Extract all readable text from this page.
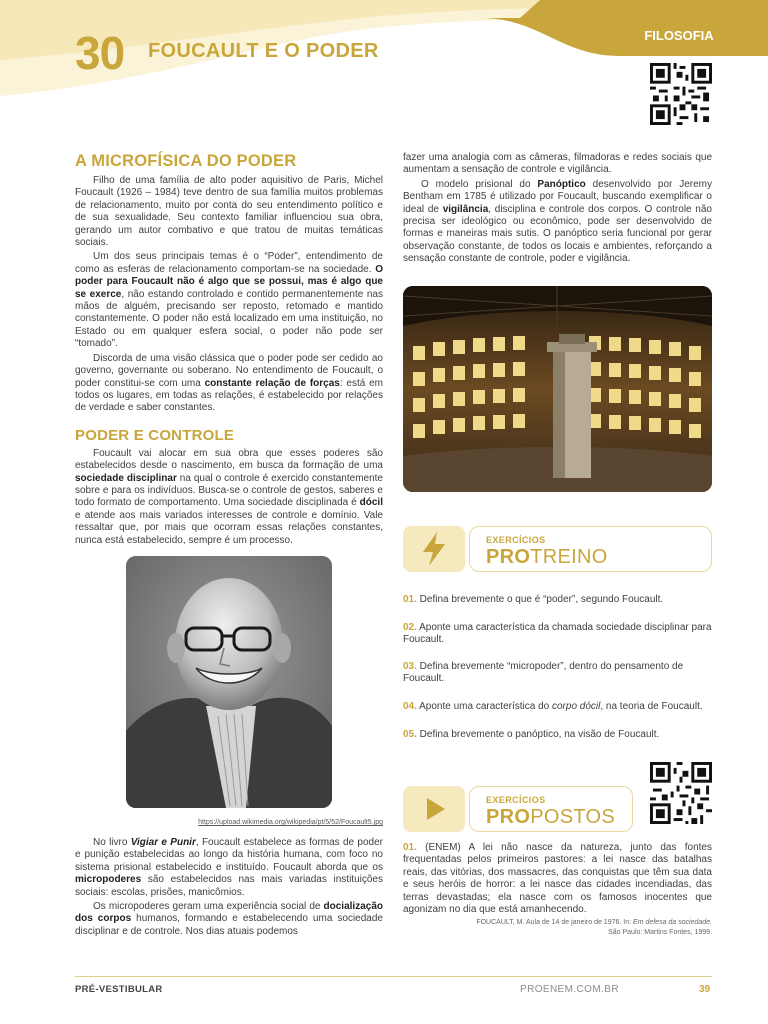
30 FOUCAULT E O PODER
FILOSOFIA
A MICROFÍSICA DO PODER

Filho de uma família de alto poder aquisitivo de Paris, Michel Foucault (1926 – 1984) teve dentro de sua família muitos problemas de relacionamento, muito por conta do seu entendimento político e de sua sexualidade. Seu contexto familiar influenciou sua obra, gerando um autor combativo e que tratou de muitas temáticas sociais.

Um dos seus principais temas é o “Poder”, entendimento de como as esferas de relacionamento comportam-se na sociedade. O poder para Foucault não é algo que se possui, mas é algo que se exerce, não estando controlado e contido permanentemente nas mãos de alguém, precisando ser reposto, retomado e mantido constantemente. O poder não está localizado em uma instituição, no Estado ou em qualquer esfera social, o poder não pode ser “tomado”.

Discorda de uma visão clássica que o poder pode ser cedido ao governo, governante ou soberano. No entendimento de Foucault, o poder constitui-se com uma constante relação de forças: está em todos os lugares, em todas as relações, é estabelecido por relações de verdade e saber constantes.

PODER E CONTROLE

Foucault vai alocar em sua obra que esses poderes são estabelecidos desde o nascimento, em busca da formação de uma sociedade disciplinar na qual o controle é exercido constantemente sobre e para os indivíduos. Busca-se o controle de gestos, saberes e todo formato de comportamento. Uma sociedade disciplinada é dócil e atende aos mais variados interesses de controle e domínio. Vale ressaltar que, por mais que ocorram essas relações constantes, nunca está estabelecido, sempre é um processo.

https://upload.wikimedia.org/wikipedia/pt/5/52/Foucault5.jpg

No livro Vigiar e Punir, Foucault estabelece as formas de poder e punição estabelecidas ao longo da história humana, com foco no sistema prisional estabelecido e instituído. Foucault aborda que os micropoderes são estabelecidos nas mais variadas instituições sociais: escolas, prisões, manicômios.

Os micropoderes geram uma experiência social de docialização dos corpos humanos, formando e estabelecendo uma sociedade disciplinar e de controle. Nos dias atuais podemos

fazer uma analogia com as câmeras, filmadoras e redes sociais que aumentam a sensação de controle e vigilância.

O modelo prisional do Panóptico desenvolvido por Jeremy Bentham em 1785 é utilizado por Foucault, buscando exemplificar o ideal de vigilância, disciplina e controle dos corpos. O controle não precisa ser ideológico ou econômico, pode ser desenvolvido de formas e maneiras mais sutis. O panóptico seria funcional por gerar observação constante, de todos os locais e ambientes, reforçando a sensação constante de controle, poder e vigilância.

EXERCÍCIOS
PROTREINO
01. Defina brevemente o que é “poder”, segundo Foucault.
02. Aponte uma característica da chamada sociedade disciplinar para Foucault.
03. Defina brevemente “micropoder”, dentro do pensamento de Foucault.
04. Aponte uma característica do corpo dócil, na teoria de Foucault.
05. Defina brevemente o panóptico, na visão de Foucault.
EXERCÍCIOS
PROPOSTOS
01. (ENEM) A lei não nasce da natureza, junto das fontes frequentadas pelos primeiros pastores: a lei nasce das batalhas reais, das vitórias, dos massacres, das conquistas que têm sua data e seus heróis de horror: a lei nasce das cidades incendiadas, das terras devastadas; ela nasce com os famosos inocentes que agonizam no dia que está amanhecendo.
FOUCAULT, M. Aula de 14 de janeiro de 1976. In: Em defesa da sociedade.
São Paulo: Martins Fontes, 1999.
PRÉ-VESTIBULAR	PROENEM.COM.BR	39
